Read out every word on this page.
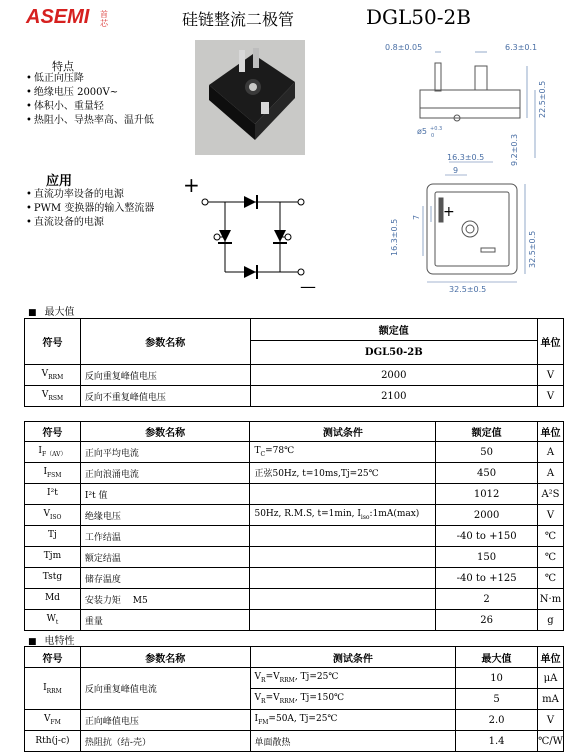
ASEMI 首芯	硅链整流二极管	DGL50-2B
特点
• 低正向压降
• 绝缘电压 2000V~
• 体积小、重量轻
• 热阻小、导热率高、温升低
应用
• 直流功率设备的电源
• PWM 变换器的输入整流器
• 直流设备的电源
+
—
0.8±0.05	6.3±0.1
ø5 +0.3
0
22.5±0.5
9.2±0.3
16.3±0.5
9
7
16.3±0.5	32.5±0.5
32.5±0.5
+
■ 最大值
符号	参数名称	额定值	单位
		DGL50-2B	
$V_{RRM}$	反向重复峰值电压	2000	V
$V_{RSM}$	反向不重复峰值电压	2100	V
符号	参数名称	测试条件	额定值	单位
$I_{F(AV)}$	正向平均电流	$T_C=78℃$	50	A
$I_{FSM}$	正向浪涌电流	正弦50Hz, t=10ms,Tj=25℃	450	A
I²t	I²t 值		1012	A²S
$V_{ISO}$	绝缘电压	50Hz, R.M.S, t=1min, $I_{iso}:1mA(\max)$	2000	V
Tj	工作结温		-40 to +150	℃
Tjm	额定结温		150	℃
Tstg	储存温度		-40 to +125	℃
Md	安装力矩　 M5		2	N·m
$W_t$	重量		26	g
■ 电特性
符号	参数名称	测试条件	最大值	单位
$I_{RRM}$	反向重复峰值电流	$V_R=V_{RRM}$, Tj=25℃	10	μA
		$V_R=V_{RRM}$, Tj=150℃	5	mA
$V_{FM}$	正向峰值电压	$I_{FM}=50A$, Tj=25℃	2.0	V
Rth(j-c)	热阻抗（结-壳）	单面散热	1.4	℃/W
